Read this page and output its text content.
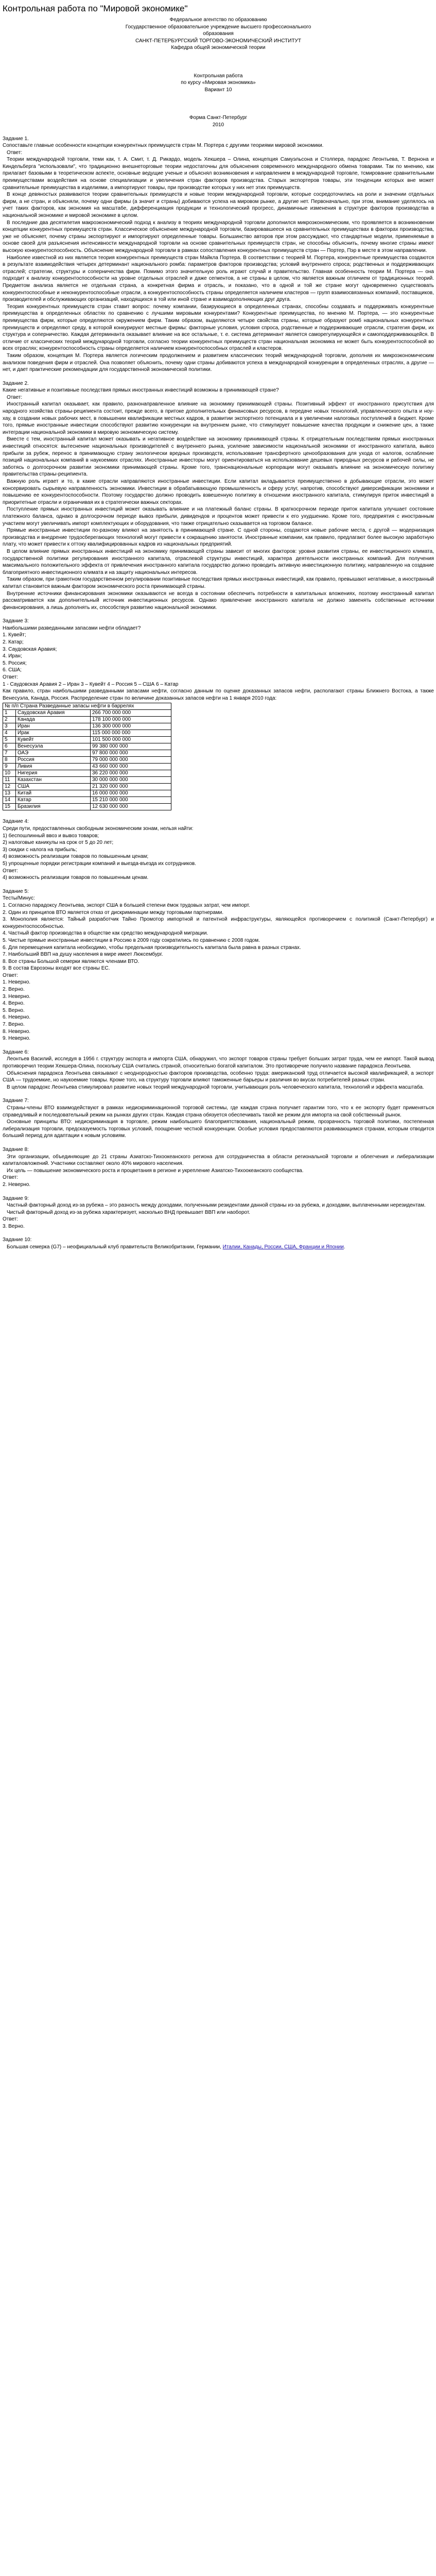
Контрольная работа по "Мировой экономике"

Федеральное агентство по образованию

Государственное образовательное учреждение высшего профессионального

образования

САНКТ-ПЕТЕРБУРГСКИЙ ТОРГОВО-ЭКОНОМИЧЕСКИЙ ИНСТИТУТ

Кафедра общей экономической теории

Контрольная работа

по курсу «Мировая экономика»

Вариант 10

Форма Санкт-Петербург

2010

Задание 1.

Сопоставьте главные особенности концепции конкурентных преимуществ стран М. Портера с другими теориями мировой экономики.

Ответ:

Теории международной торговли, теми как, т. А. Смит, т. Д. Рикардо, модель Хекшера – Олина, концепция Самуэльсона и Столпера, парадокс Леонтьева, Т. Вернона и Киндельберга "использовали", что традиционно внешнеторговые теории недостаточны для объяснения современного международного обмена товарами. Так по мнению, как прилагает базовыми в теоретическом аспекте, основные ведущие ученые и объяснял возникновения и направлением в международной торговле, тсмирование сравнительными преимуществами воздействия на основе специализации и увеличения стран факторов производства. Старых экспортеров товары, эти тенденции которых вне может сравнительные преимущества в изделиями, а импортируют товары, при производстве которых у них нет этих преимуществ.

В конце девяностых развиваются теории сравнительных преимуществ и новые теории международной торговли, которые сосредоточились на роли и значении отдельных фирм, а не стран, и объясняли, почему одни фирмы (а значит и страны) добиваются успеха на мировом рынке, а другие нет. Первоначально, при этом, внимание уделялось на учет таких факторов, как экономия на масштабе, дифференциация продукции и технологический прогресс, динамичные изменения в структуре факторов производства в национальной экономике и мировой экономике в целом.

В последние два десятилетия макроэкономический подход к анализу в теориях международной торговли дополнился микроэкономическим, что проявляется в возникновении концепции конкурентных преимуществ стран. Классическое объяснение международной торговли, базировавшееся на сравнительных преимуществах в факторах производства, уже не объясняет, почему страны экспортируют и импортируют определенные товары. Большинство авторов при этом рассуждают, что стандартные модели, применяемые в основе своей для разъяснения интенсивности международной торговли на основе сравнительных преимуществ стран, не способны объяснить, почему многие страны имеют высокую конкурентоспособность. Объяснение международной торговли в рамках сопоставления конкурентных преимуществ стран — Портер, Пэр в месте в этом направлении.

Наиболее известной из них является теория конкурентных преимуществ стран Майкла Портера. В соответствии с теорией М. Портера, конкурентные преимущества создаются в результате взаимодействия четырех детерминант национального ромба: параметров факторов производства; условий внутреннего спроса; родственных и поддерживающих отраслей; стратегии, структуры и соперничества фирм. Помимо этого значительную роль играют случай и правительство. Главная особенность теории М. Портера — она подходит к анализу конкурентоспособности на уровне отдельных отраслей и даже сегментов, а не страны в целом, что является важным отличием от традиционных теорий. Предметом анализа является не отдельная страна, а конкретная фирма и отрасль, и показано, что в одной и той же стране могут одновременно существовать конкурентоспособные и неконкурентоспособные отрасли, а конкурентоспособность страны определяется наличием кластеров — групп взаимосвязанных компаний, поставщиков, производителей и обслуживающих организаций, находящихся в той или иной стране и взаимодополняющих друг друга.

Теория конкурентных преимуществ стран ставит вопрос: почему компании, базирующиеся в определенных странах, способны создавать и поддерживать конкурентные преимущества в определенных областях по сравнению с лучшими мировыми конкурентами? Конкурентные преимущества, по мнению М. Портера, — это конкурентные преимущества фирм, которые определяются окружением фирм. Таким образом, выделяются четыре свойства страны, которые образуют ромб национальных конкурентных преимуществ и определяют среду, в которой конкурируют местные фирмы: факторные условия, условия спроса, родственные и поддерживающие отрасли, стратегия фирм, их структура и соперничество. Каждая детерминанта оказывает влияние на все остальные, т. е. система детерминант является саморегулирующейся и самоподдерживающейся. В отличие от классических теорий международной торговли, согласно теории конкурентных преимуществ стран национальная экономика не может быть конкурентоспособной во всех отраслях; конкурентоспособность страны определяется наличием конкурентоспособных отраслей и кластеров.

Таким образом, концепция М. Портера является логическим продолжением и развитием классических теорий международной торговли, дополняя их микроэкономическим анализом поведения фирм и отраслей. Она позволяет объяснить, почему одни страны добиваются успеха в международной конкуренции в определенных отраслях, а другие — нет, и дает практические рекомендации для государственной экономической политики.

Задание 2.

Какие негативные и позитивные последствия прямых иностранных инвестиций возможны в принимающей стране?

Ответ:

Иностранный капитал оказывает, как правило, разнонаправленное влияние на экономику принимающей страны. Позитивный эффект от иностранного присутствия для народного хозяйства страны-реципиента состоит, прежде всего, в притоке дополнительных финансовых ресурсов, в передаче новых технологий, управленческого опыта и ноу-хау, в создании новых рабочих мест, в повышении квалификации местных кадров, в развитии экспортного потенциала и в увеличении налоговых поступлений в бюджет. Кроме того, прямые иностранные инвестиции способствуют развитию конкуренции на внутреннем рынке, что стимулирует повышение качества продукции и снижение цен, а также интеграции национальной экономики в мировую экономическую систему.

Вместе с тем, иностранный капитал может оказывать и негативное воздействие на экономику принимающей страны. К отрицательным последствиям прямых иностранных инвестиций относятся: вытеснение национальных производителей с внутреннего рынка, усиление зависимости национальной экономики от иностранного капитала, вывоз прибыли за рубеж, перенос в принимающую страну экологически вредных производств, использование трансфертного ценообразования для ухода от налогов, ослабление позиций национальных компаний в наукоемких отраслях. Иностранные инвесторы могут ориентироваться на использование дешевых природных ресурсов и рабочей силы, не заботясь о долгосрочном развитии экономики принимающей страны. Кроме того, транснациональные корпорации могут оказывать влияние на экономическую политику правительства страны-реципиента.

Важную роль играет и то, в какие отрасли направляются иностранные инвестиции. Если капитал вкладывается преимущественно в добывающие отрасли, это может консервировать сырьевую направленность экономики. Инвестиции в обрабатывающую промышленность и сферу услуг, напротив, способствуют диверсификации экономики и повышению ее конкурентоспособности. Поэтому государство должно проводить взвешенную политику в отношении иностранного капитала, стимулируя приток инвестиций в приоритетные отрасли и ограничивая их в стратегически важных секторах.

Поступление прямых иностранных инвестиций может оказывать влияние и на платежный баланс страны. В краткосрочном периоде приток капитала улучшает состояние платежного баланса, однако в долгосрочном периоде вывоз прибыли, дивидендов и процентов может привести к его ухудшению. Кроме того, предприятия с иностранным участием могут увеличивать импорт комплектующих и оборудования, что также отрицательно сказывается на торговом балансе.

Прямые иностранные инвестиции по-разному влияют на занятость в принимающей стране. С одной стороны, создаются новые рабочие места, с другой — модернизация производства и внедрение трудосберегающих технологий могут привести к сокращению занятости. Иностранные компании, как правило, предлагают более высокую заработную плату, что может привести к оттоку квалифицированных кадров из национальных предприятий.

В целом влияние прямых иностранных инвестиций на экономику принимающей страны зависит от многих факторов: уровня развития страны, ее инвестиционного климата, государственной политики регулирования иностранного капитала, отраслевой структуры инвестиций, характера деятельности иностранных компаний. Для получения максимального положительного эффекта от привлечения иностранного капитала государство должно проводить активную инвестиционную политику, направленную на создание благоприятного инвестиционного климата и на защиту национальных интересов.

Таким образом, при грамотном государственном регулировании позитивные последствия прямых иностранных инвестиций, как правило, превышают негативные, а иностранный капитал становится важным фактором экономического роста принимающей страны.

Внутренние источники финансирования экономики оказываются не всегда в состоянии обеспечить потребности в капитальных вложениях, поэтому иностранный капитал рассматривается как дополнительный источник инвестиционных ресурсов. Однако привлечение иностранного капитала не должно заменять собственные источники финансирования, а лишь дополнять их, способствуя развитию национальной экономики.

Задание 3:

Наибольшими разведанными запасами нефти обладает?

1. Кувейт;

2. Катар;

3. Саудовская Аравия;

4. Иран;

5. Россия;

6. США;

Ответ:

1 - Саудовская Аравия 2 – Иран 3 – Кувейт 4 – Россия 5 – США 6 – Катар

Как правило, стран наибольшими разведанными запасами нефти, согласно данным по оценке доказанных запасов нефти, располагают страны Ближнего Востока, а также Венесуэла, Канада, Россия. Распределение стран по величине доказанных запасов нефти на 1 января 2010 года:

№ п/п Страна Разведанные запасы нефти в баррелях		
1	Саудовская Аравия	266 700 000 000
2	Канада	178 100 000 000
3	Иран	136 300 000 000
4	Ирак	115 000 000 000
5	Кувейт	101 500 000 000
6	Венесуэла	99 380 000 000
7	ОАЭ	97 800 000 000
8	Россия	79 000 000 000
9	Ливия	43 660 000 000
10	Нигерия	36 220 000 000
11	Казахстан	30 000 000 000
12	США	21 320 000 000
13	Китай	16 000 000 000
14	Катар	15 210 000 000
15	Бразилия	12 630 000 000

Задание 4:

Среди пути, предоставленных свободным экономическим зонам, нельзя найти:

1) беспошлинный ввоз и вывоз товаров;

2) налоговые каникулы на срок от 5 до 20 лет;

3) скидки с налога на прибыль;

4) возможность реализации товаров по повышенным ценам;

5) упрощенные порядки регистрации компаний и выезда-въезда их сотрудников.

Ответ:

4) возможность реализации товаров по повышенным ценам.

Задание 5:

Тесты/Минус:

1. Согласно парадоксу Леонтьева, экспорт США в большей степени ёмок трудовых затрат, чем импорт.

2. Один из принципов ВТО является отказ от дискриминации между торговыми партнерами.

3. Монополия является: Тайный разработчик Тайно Промотор импортной и патентной инфраструктуры, являющейся противоречием с политикой (Санкт-Петербург) и конкурентоспособностью.

4. Частный фактор производства в обществе как средство международной миграции.

5. Чистые прямые иностранные инвестиции в Россию в 2009 году сократились по сравнению с 2008 годом.

6. Для перемещения капитала необходимо, чтобы предельная производительность капитала была равна в разных странах.

7. Наибольший ВВП на душу населения в мире имеет Люксембург.

8. Все страны Большой семерки являются членами ВТО.

9. В состав Еврозоны входят все страны ЕС.

Ответ:

1. Неверно.

2. Верно.

3. Неверно.

4. Верно.

5. Верно.

6. Неверно.

7. Верно.

8. Неверно.

9. Неверно.

Задание 6:

Леонтьев Василий, исследуя в 1956 г. структуру экспорта и импорта США, обнаружил, что экспорт товаров страны требует больших затрат труда, чем ее импорт. Такой вывод противоречил теории Хекшера-Олина, поскольку США считались страной, относительно богатой капиталом. Это противоречие получило название парадокса Леонтьева.

Объяснения парадокса Леонтьева связывают с неоднородностью факторов производства, особенно труда: американский труд отличается высокой квалификацией, а экспорт США — трудоемкие, но наукоемкие товары. Кроме того, на структуру торговли влияют таможенные барьеры и различия во вкусах потребителей разных стран.

В целом парадокс Леонтьева стимулировал развитие новых теорий международной торговли, учитывающих роль человеческого капитала, технологий и эффекта масштаба.

Задание 7:

Страны-члены ВТО взаимодействуют в рамках недискриминационной торговой системы, где каждая страна получает гарантии того, что к ее экспорту будет применяться справедливый и последовательный режим на рынках других стран. Каждая страна обязуется обеспечивать такой же режим для импорта на свой собственный рынок.

Основные принципы ВТО: недискриминация в торговле, режим наибольшего благоприятствования, национальный режим, прозрачность торговой политики, постепенная либерализация торговли, предсказуемость торговых условий, поощрение честной конкуренции. Особые условия предоставляются развивающимся странам, которым отводится больший период для адаптации к новым условиям.

Задание 8:

Эти организации, объединяющие до 21 страны Азиатско-Тихоокеанского региона для сотрудничества в области региональной торговли и облегчения и либерализации капиталовложений. Участники составляют около 40% мирового населения.

Их цель — повышение экономического роста и процветания в регионе и укрепление Азиатско-Тихоокеанского сообщества.

Ответ:

2. Неверно.

Задание 9:

Частный факторный доход из-за рубежа – это разность между доходами, полученными резидентами данной страны из-за рубежа, и доходами, выплаченными нерезидентам.

Чистый факторный доход из-за рубежа характеризует, насколько ВНД превышает ВВП или наоборот.

Ответ:

3. Верно.

Задание 10:

Большая семерка (G7) – неофициальный клуб правительств Великобритании, Германии, Италии, Канады, России, США, Франции и Японии.
